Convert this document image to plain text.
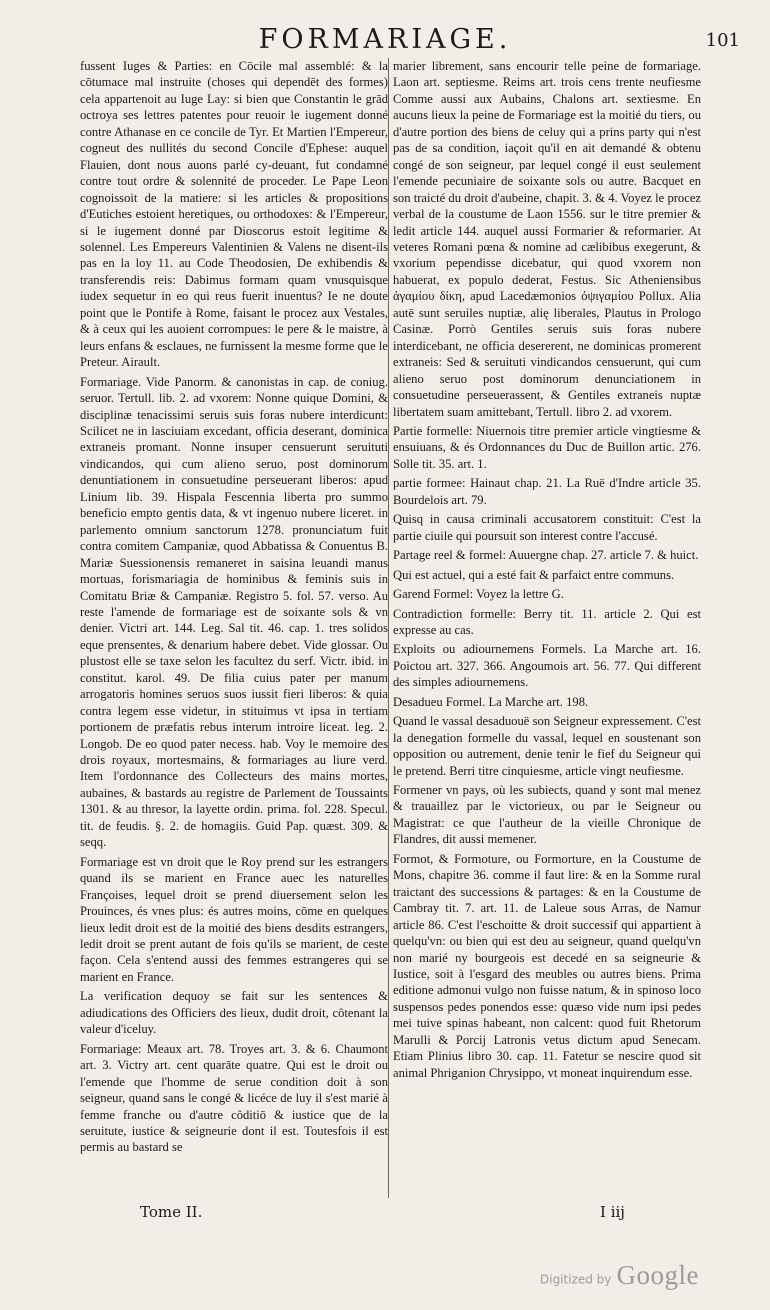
FORMARIAGE.	101

fussent Iuges & Parties: en Cōcile mal assemblé: & la cōtumace mal instruite (choses qui dependēt des formes) cela appartenoit au Iuge Lay: si bien que Constantin le grād octroya ses lettres patentes pour reuoir le iugement donné contre Athanase en ce concile de Tyr. Et Martien l'Empereur, cogneut des nullités du second Concile d'Ephese: auquel Flauien, dont nous auons parlé cy-deuant, fut condamné contre tout ordre & solennité de proceder. Le Pape Leon cognoissoit de la matiere: si les articles & propositions d'Eutiches estoient heretiques, ou orthodoxes: & l'Empereur, si le iugement donné par Dioscorus estoit legitime & solennel. Les Empereurs Valentinien & Valens ne disent-ils pas en la loy 11. au Code Theodosien, De exhibendis & transferendis reis: Dabimus formam quam vnusquisque iudex sequetur in eo qui reus fuerit inuentus? Ie ne doute point que le Pontife à Rome, faisant le procez aux Vestales, & à ceux qui les auoient corrompues: le pere & le maistre, à leurs enfans & esclaues, ne furnissent la mesme forme que le Preteur. Airault.

Formariage. Vide Panorm. & canonistas in cap. de coniug. seruor. Tertull. lib. 2. ad vxorem: Nonne quique Domini, & disciplinæ tenacissimi seruis suis foras nubere interdicunt: Scilicet ne in lasciuiam excedant, officia deserant, dominica extraneis promant. Nonne insuper censuerunt seruituti vindicandos, qui cum alieno seruo, post dominorum denuntiationem in consuetudine perseuerant liberos: apud Linium lib. 39. Hispala Fescennia liberta pro summo beneficio empto gentis data, & vt ingenuo nubere liceret. in parlemento omnium sanctorum 1278. pronunciatum fuit contra comitem Campaniæ, quod Abbatissa & Conuentus B. Mariæ Suessionensis remaneret in saisina leuandi manus mortuas, forismariagia de hominibus & feminis suis in Comitatu Briæ & Campaniæ. Registro 5. fol. 57. verso. Au reste l'amende de formariage est de soixante sols & vn denier. Victri art. 144. Leg. Sal tit. 46. cap. 1. tres solidos eque prensentes, & denarium habere debet. Vide glossar. Ou plustost elle se taxe selon les facultez du serf. Victr. ibid. in constitut. karol. 49. De filia cuius pater per manum arrogatoris homines seruos suos iussit fieri liberos: & quia contra legem esse videtur, in stituimus vt ipsa in tertiam portionem de præfatis rebus interum introire liceat. leg. 2. Longob. De eo quod pater necess. hab. Voy le memoire des drois royaux, mortesmains, & formariages au liure verd. Item l'ordonnance des Collecteurs des mains mortes, aubaines, & bastards au registre de Parlement de Toussaints 1301. & au thresor, la layette ordin. prima. fol. 228. Specul. tit. de feudis. §. 2. de homagiis. Guid Pap. quæst. 309. & seqq.

Formariage est vn droit que le Roy prend sur les estrangers quand ils se marient en France auec les naturelles Françoises, lequel droit se prend diuersement selon les Prouinces, és vnes plus: és autres moins, cōme en quelques lieux ledit droit est de la moitié des biens desdits estrangers, ledit droit se prent autant de fois qu'ils se marient, de ceste façon. Cela s'entend aussi des femmes estrangeres qui se marient en France.

La verification dequoy se fait sur les sentences & adiudications des Officiers des lieux, dudit droit, côtenant la valeur d'iceluy.

Formariage: Meaux art. 78. Troyes art. 3. & 6. Chaumont art. 3. Victry art. cent quarāte quatre. Qui est le droit ou l'emende que l'homme de serue condition doit à son seigneur, quand sans le congé & licéce de luy il s'est marié à femme franche ou d'autre côditiō & iustice que de la seruitute, iustice & seigneurie dont il est. Toutesfois il est permis au bastard se

marier librement, sans encourir telle peine de formariage. Laon art. septiesme. Reims art. trois cens trente neufiesme Comme aussi aux Aubains, Chalons art. sextiesme. En aucuns lieux la peine de Formariage est la moitié du tiers, ou d'autre portion des biens de celuy qui a prins party qui n'est pas de sa condition, iaçoit qu'il en ait demandé & obtenu congé de son seigneur, par lequel congé il eust seulement l'emende pecuniaire de soixante sols ou autre. Bacquet en son traicté du droit d'aubeine, chapit. 3. & 4. Voyez le procez verbal de la coustume de Laon 1556. sur le titre premier & ledit article 144. auquel aussi Formarier & reformarier. At veteres Romani pœna & nomine ad cælibibus exegerunt, & vxorium pependisse dicebatur, qui quod vxorem non habuerat, ex populo dederat, Festus. Sic Atheniensibus ἀγαμίου δίκη, apud Lacedæmonios ὀψιγαμίου Pollux. Alia autē sunt seruiles nuptiæ, alię liberales, Plautus in Prologo Casinæ. Porrò Gentiles seruis suis foras nubere interdicebant, ne officia desererent, ne dominicas promerent extraneis: Sed & seruituti vindicandos censuerunt, qui cum alieno seruo post dominorum denunciationem in consuetudine perseuerassent, & Gentiles extraneis nuptæ libertatem suam amittebant, Tertull. libro 2. ad vxorem.

Partie formelle: Niuernois titre premier article vingtiesme & ensuiuans, & és Ordonnances du Duc de Buillon artic. 276. Solle tit. 35. art. 1.

partie formee: Hainaut chap. 21. La Ruë d'Indre article 35. Bourdelois art. 79.

Quisq in causa criminali accusatorem constituit: C'est la partie ciuile qui poursuit son interest contre l'accusé.

Partage reel & formel: Auuergne chap. 27. article 7. & huict.

Qui est actuel, qui a esté fait & parfaict entre communs.

Garend Formel: Voyez la lettre G.

Contradiction formelle: Berry tit. 11. article 2. Qui est expresse au cas.

Exploits ou adiournemens Formels. La Marche art. 16. Poictou art. 327. 366. Angoumois art. 56. 77. Qui different des simples adiournemens.

Desadueu Formel. La Marche art. 198.

Quand le vassal desaduouë son Seigneur expressement. C'est la denegation formelle du vassal, lequel en soustenant son opposition ou autrement, denie tenir le fief du Seigneur qui le pretend. Berri titre cinquiesme, article vingt neufiesme.

Formener vn pays, où les subiects, quand y sont mal menez & trauaillez par le victorieux, ou par le Seigneur ou Magistrat: ce que l'autheur de la vieille Chronique de Flandres, dit aussi memener.

Formot, & Formoture, ou Formorture, en la Coustume de Mons, chapitre 36. comme il faut lire: & en la Somme rural traictant des successions & partages: & en la Coustume de Cambray tit. 7. art. 11. de Laleue sous Arras, de Namur article 86. C'est l'eschoitte & droit successif qui appartient à quelqu'vn: ou bien qui est deu au seigneur, quand quelqu'vn non marié ny bourgeois est decedé en sa seigneurie & Iustice, soit à l'esgard des meubles ou autres biens. Prima editione admonui vulgo non fuisse natum, & in spinoso loco suspensos pedes ponendos esse: quæso vide num ipsi pedes mei tuive spinas habeant, non calcent: quod fuit Rhetorum Marulli & Porcij Latronis vetus dictum apud Senecam. Etiam Plinius libro 30. cap. 11. Fatetur se nescire quod sit animal Phriganion Chrysippo, vt moneat inquirendum esse.

Tome II.	I iij
Digitized by Google
